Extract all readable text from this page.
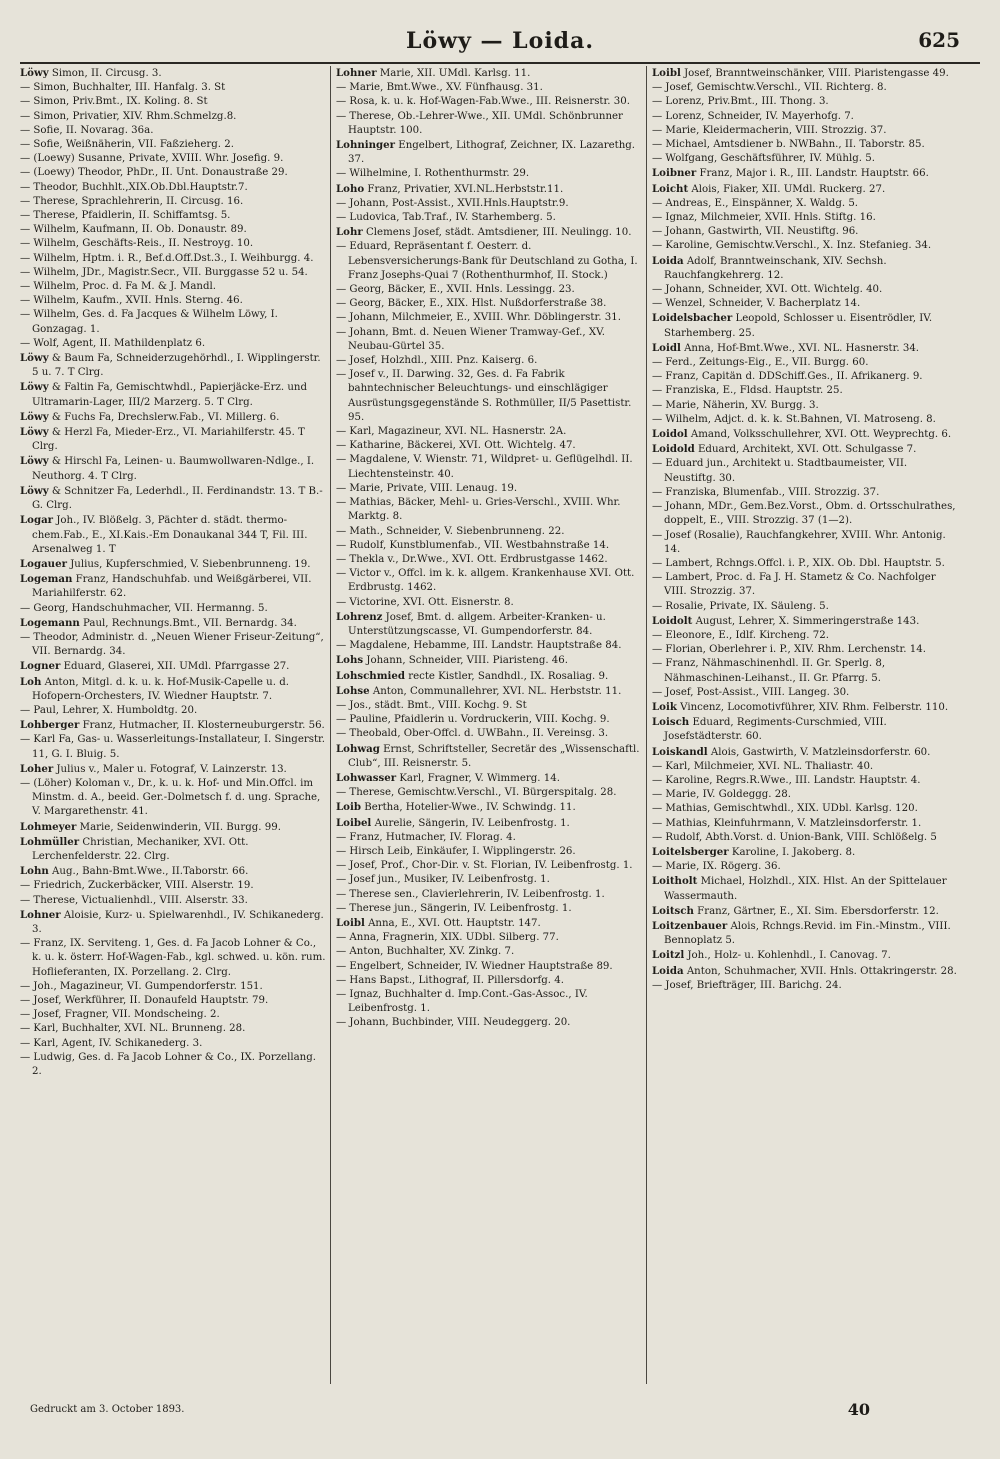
Löwy — Loida.	625
Löwy Simon, II. Circusg. 3.
— Simon, Buchhalter, III. Hanfalg. 3. St
— Simon, Priv.Bmt., IX. Koling. 8. St
— Simon, Privatier, XIV. Rhm.Schmelzg.8.
— Sofie, II. Novarag. 36a.
— Sofie, Weißnäherin, VII. Faßzieherg. 2.
— (Loewy) Susanne, Private, XVIII. Whr. Josefig. 9.
— (Loewy) Theodor, PhDr., II. Unt. Donaustraße 29.
— Theodor, Buchhlt.,XIX.Ob.Dbl.Hauptstr.7.
— Therese, Sprachlehrerin, II. Circusg. 16.
— Therese, Pfaidlerin, II. Schiffamtsg. 5.
— Wilhelm, Kaufmann, II. Ob. Donaustr. 89.
— Wilhelm, Geschäfts-Reis., II. Nestroyg. 10.
— Wilhelm, Hptm. i. R., Bef.d.Off.Dst.3., I. Weihburgg. 4.
— Wilhelm, JDr., Magistr.Secr., VII. Burggasse 52 u. 54.
— Wilhelm, Proc. d. Fa M. & J. Mandl.
— Wilhelm, Kaufm., XVII. Hnls. Sterng. 46.
— Wilhelm, Ges. d. Fa Jacques & Wilhelm Löwy, I. Gonzagag. 1.
— Wolf, Agent, II. Mathildenplatz 6.
Löwy & Baum Fa, Schneiderzugehörhdl., I. Wipplingerstr. 5 u. 7. T Clrg.
Löwy & Faltin Fa, Gemischtwhdl., Papierjäcke-Erz. und Ultramarin-Lager, III/2 Marzerg. 5. T Clrg.
Löwy & Fuchs Fa, Drechslerw.Fab., VI. Millerg. 6.
Löwy & Herzl Fa, Mieder-Erz., VI. Mariahilferstr. 45. T Clrg.
Löwy & Hirschl Fa, Leinen- u. Baumwollwaren-Ndlge., I. Neuthorg. 4. T Clrg.
Löwy & Schnitzer Fa, Lederhdl., II. Ferdinandstr. 13. T B.-G. Clrg.
Logar Joh., IV. Blößelg. 3, Pächter d. städt. thermo-chem.Fab., E., XI.Kais.-Em Donaukanal 344 T, Fil. III. Arsenalweg 1. T
Logauer Julius, Kupferschmied, V. Siebenbrunneng. 19.
Logeman Franz, Handschuhfab. und Weißgärberei, VII. Mariahilferstr. 62.
— Georg, Handschuhmacher, VII. Hermanng. 5.
Logemann Paul, Rechnungs.Bmt., VII. Bernardg. 34.
— Theodor, Administr. d. „Neuen Wiener Friseur-Zeitung“, VII. Bernardg. 34.
Logner Eduard, Glaserei, XII. UMdl. Pfarrgasse 27.
Loh Anton, Mitgl. d. k. u. k. Hof-Musik-Capelle u. d. Hofopern-Orchesters, IV. Wiedner Hauptstr. 7.
— Paul, Lehrer, X. Humboldtg. 20.
Lohberger Franz, Hutmacher, II. Klosterneuburgerstr. 56.
— Karl Fa, Gas- u. Wasserleitungs-Installateur, I. Singerstr. 11, G. I. Bluig. 5.
Loher Julius v., Maler u. Fotograf, V. Lainzerstr. 13.
— (Löher) Koloman v., Dr., k. u. k. Hof- und Min.Offcl. im Minstm. d. A., beeid. Ger.-Dolmetsch f. d. ung. Sprache, V. Margarethenstr. 41.
Lohmeyer Marie, Seidenwinderin, VII. Burgg. 99.
Lohmüller Christian, Mechaniker, XVI. Ott. Lerchenfelderstr. 22. Clrg.
Lohn Aug., Bahn-Bmt.Wwe., II.Taborstr. 66.
— Friedrich, Zuckerbäcker, VIII. Alserstr. 19.
— Therese, Victualienhdl., VIII. Alserstr. 33.
Lohner Aloisie, Kurz- u. Spielwarenhdl., IV. Schikanederg. 3.
— Franz, IX. Serviteng. 1, Ges. d. Fa Jacob Lohner & Co., k. u. k. österr. Hof-Wagen-Fab., kgl. schwed. u. kön. rum. Hoflieferanten, IX. Porzellang. 2. Clrg.
— Joh., Magazineur, VI. Gumpendorferstr. 151.
— Josef, Werkführer, II. Donaufeld Hauptstr. 79.
— Josef, Fragner, VII. Mondscheing. 2.
— Karl, Buchhalter, XVI. NL. Brunneng. 28.
— Karl, Agent, IV. Schikanederg. 3.
— Ludwig, Ges. d. Fa Jacob Lohner & Co., IX. Porzellang. 2.
Lohner Marie, XII. UMdl. Karlsg. 11.
— Marie, Bmt.Wwe., XV. Fünfhausg. 31.
— Rosa, k. u. k. Hof-Wagen-Fab.Wwe., III. Reisnerstr. 30.
— Therese, Ob.-Lehrer-Wwe., XII. UMdl. Schönbrunner Hauptstr. 100.
Lohninger Engelbert, Lithograf, Zeichner, IX. Lazarethg. 37.
— Wilhelmine, I. Rothenthurmstr. 29.
Loho Franz, Privatier, XVI.NL.Herbststr.11.
— Johann, Post-Assist., XVII.Hnls.Hauptstr.9.
— Ludovica, Tab.Traf., IV. Starhemberg. 5.
Lohr Clemens Josef, städt. Amtsdiener, III. Neulingg. 10.
— Eduard, Repräsentant f. Oesterr. d. Lebensversicherungs-Bank für Deutschland zu Gotha, I. Franz Josephs-Quai 7 (Rothenthurmhof, II. Stock.)
— Georg, Bäcker, E., XVII. Hnls. Lessingg. 23.
— Georg, Bäcker, E., XIX. Hlst. Nußdorferstraße 38.
— Johann, Milchmeier, E., XVIII. Whr. Döblingerstr. 31.
— Johann, Bmt. d. Neuen Wiener Tramway-Gef., XV. Neubau-Gürtel 35.
— Josef, Holzhdl., XIII. Pnz. Kaiserg. 6.
— Josef v., II. Darwing. 32, Ges. d. Fa Fabrik bahntechnischer Beleuchtungs- und einschlägiger Ausrüstungsgegenstände S. Rothmüller, II/5 Pasettistr. 95.
— Karl, Magazineur, XVI. NL. Hasnerstr. 2A.
— Katharine, Bäckerei, XVI. Ott. Wichtelg. 47.
— Magdalene, V. Wienstr. 71, Wildpret- u. Geflügelhdl. II. Liechtensteinstr. 40.
— Marie, Private, VIII. Lenaug. 19.
— Mathias, Bäcker, Mehl- u. Gries-Verschl., XVIII. Whr. Marktg. 8.
— Math., Schneider, V. Siebenbrunneng. 22.
— Rudolf, Kunstblumenfab., VII. Westbahnstraße 14.
— Thekla v., Dr.Wwe., XVI. Ott. Erdbrustgasse 1462.
— Victor v., Offcl. im k. k. allgem. Krankenhause XVI. Ott. Erdbrustg. 1462.
— Victorine, XVI. Ott. Eisnerstr. 8.
Lohrenz Josef, Bmt. d. allgem. Arbeiter-Kranken- u. Unterstützungscasse, VI. Gumpendorferstr. 84.
— Magdalene, Hebamme, III. Landstr. Hauptstraße 84.
Lohs Johann, Schneider, VIII. Piaristeng. 46.
Lohschmied recte Kistler, Sandhdl., IX. Rosaliag. 9.
Lohse Anton, Communallehrer, XVI. NL. Herbststr. 11.
— Jos., städt. Bmt., VIII. Kochg. 9. St
— Pauline, Pfaidlerin u. Vordruckerin, VIII. Kochg. 9.
— Theobald, Ober-Offcl. d. UWBahn., II. Vereinsg. 3.
Lohwag Ernst, Schriftsteller, Secretär des „Wissenschaftl. Club“, III. Reisnerstr. 5.
Lohwasser Karl, Fragner, V. Wimmerg. 14.
— Therese, Gemischtw.Verschl., VI. Bürgerspitalg. 28.
Loib Bertha, Hotelier-Wwe., IV. Schwindg. 11.
Loibel Aurelie, Sängerin, IV. Leibenfrostg. 1.
— Franz, Hutmacher, IV. Florag. 4.
— Hirsch Leib, Einkäufer, I. Wipplingerstr. 26.
— Josef, Prof., Chor-Dir. v. St. Florian, IV. Leibenfrostg. 1.
— Josef jun., Musiker, IV. Leibenfrostg. 1.
— Therese sen., Clavierlehrerin, IV. Leibenfrostg. 1.
— Therese jun., Sängerin, IV. Leibenfrostg. 1.
Loibl Anna, E., XVI. Ott. Hauptstr. 147.
— Anna, Fragnerin, XIX. UDbl. Silberg. 77.
— Anton, Buchhalter, XV. Zinkg. 7.
— Engelbert, Schneider, IV. Wiedner Hauptstraße 89.
— Hans Bapst., Lithograf, II. Pillersdorfg. 4.
— Ignaz, Buchhalter d. Imp.Cont.-Gas-Assoc., IV. Leibenfrostg. 1.
— Johann, Buchbinder, VIII. Neudeggerg. 20.
Loibl Josef, Branntweinschänker, VIII. Piaristengasse 49.
— Josef, Gemischtw.Verschl., VII. Richterg. 8.
— Lorenz, Priv.Bmt., III. Thong. 3.
— Lorenz, Schneider, IV. Mayerhofg. 7.
— Marie, Kleidermacherin, VIII. Strozzig. 37.
— Michael, Amtsdiener b. NWBahn., II. Taborstr. 85.
— Wolfgang, Geschäftsführer, IV. Mühlg. 5.
Loibner Franz, Major i. R., III. Landstr. Hauptstr. 66.
Loicht Alois, Fiaker, XII. UMdl. Ruckerg. 27.
— Andreas, E., Einspänner, X. Waldg. 5.
— Ignaz, Milchmeier, XVII. Hnls. Stiftg. 16.
— Johann, Gastwirth, VII. Neustiftg. 96.
— Karoline, Gemischtw.Verschl., X. Inz. Stefanieg. 34.
Loida Adolf, Branntweinschank, XIV. Sechsh. Rauchfangkehrerg. 12.
— Johann, Schneider, XVI. Ott. Wichtelg. 40.
— Wenzel, Schneider, V. Bacherplatz 14.
Loidelsbacher Leopold, Schlosser u. Eisentrödler, IV. Starhemberg. 25.
Loidl Anna, Hof-Bmt.Wwe., XVI. NL. Hasnerstr. 34.
— Ferd., Zeitungs-Eig., E., VII. Burgg. 60.
— Franz, Capitän d. DDSchiff.Ges., II. Afrikanerg. 9.
— Franziska, E., Fldsd. Hauptstr. 25.
— Marie, Näherin, XV. Burgg. 3.
— Wilhelm, Adjct. d. k. k. St.Bahnen, VI. Matroseng. 8.
Loidol Amand, Volksschullehrer, XVI. Ott. Weyprechtg. 6.
Loidold Eduard, Architekt, XVI. Ott. Schulgasse 7.
— Eduard jun., Architekt u. Stadtbaumeister, VII. Neustiftg. 30.
— Franziska, Blumenfab., VIII. Strozzig. 37.
— Johann, MDr., Gem.Bez.Vorst., Obm. d. Ortsschulrathes, doppelt, E., VIII. Strozzig. 37 (1—2).
— Josef (Rosalie), Rauchfangkehrer, XVIII. Whr. Antonig. 14.
— Lambert, Rchngs.Offcl. i. P., XIX. Ob. Dbl. Hauptstr. 5.
— Lambert, Proc. d. Fa J. H. Stametz & Co. Nachfolger VIII. Strozzig. 37.
— Rosalie, Private, IX. Säuleng. 5.
Loidolt August, Lehrer, X. Simmeringerstraße 143.
— Eleonore, E., Idlf. Kircheng. 72.
— Florian, Oberlehrer i. P., XIV. Rhm. Lerchenstr. 14.
— Franz, Nähmaschinenhdl. II. Gr. Sperlg. 8, Nähmaschinen-Leihanst., II. Gr. Pfarrg. 5.
— Josef, Post-Assist., VIII. Langeg. 30.
Loik Vincenz, Locomotivführer, XIV. Rhm. Felberstr. 110.
Loisch Eduard, Regiments-Curschmied, VIII. Josefstädterstr. 60.
Loiskandl Alois, Gastwirth, V. Matzleinsdorferstr. 60.
— Karl, Milchmeier, XVI. NL. Thaliastr. 40.
— Karoline, Regrs.R.Wwe., III. Landstr. Hauptstr. 4.
— Marie, IV. Goldeggg. 28.
— Mathias, Gemischtwhdl., XIX. UDbl. Karlsg. 120.
— Mathias, Kleinfuhrmann, V. Matzleinsdorferstr. 1.
— Rudolf, Abth.Vorst. d. Union-Bank, VIII. Schlößelg. 5
Loitelsberger Karoline, I. Jakoberg. 8.
— Marie, IX. Rögerg. 36.
Loitholt Michael, Holzhdl., XIX. Hlst. An der Spittelauer Wassermauth.
Loitsch Franz, Gärtner, E., XI. Sim. Ebersdorferstr. 12.
Loitzenbauer Alois, Rchngs.Revid. im Fin.-Minstm., VIII. Bennoplatz 5.
Loitzl Joh., Holz- u. Kohlenhdl., I. Canovag. 7.
Loida Anton, Schuhmacher, XVII. Hnls. Ottakringerstr. 28.
— Josef, Briefträger, III. Barichg. 24.
Gedruckt am 3. October 1893.	40
